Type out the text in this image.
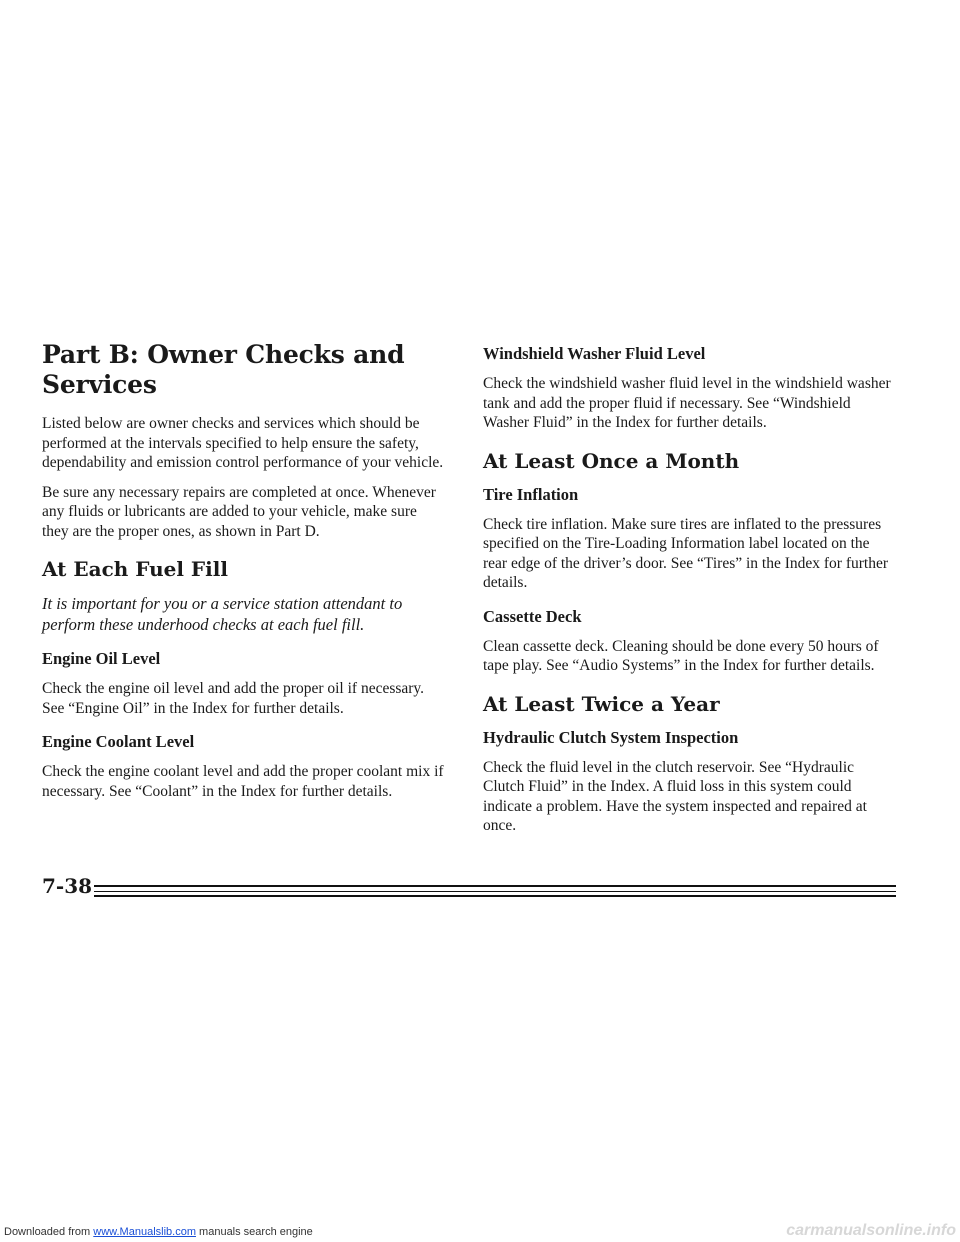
Part B: Owner Checks and Services

Listed below are owner checks and services which should be performed at the intervals specified to help ensure the safety, dependability and emission control performance of your vehicle.

Be sure any necessary repairs are completed at once. Whenever any fluids or lubricants are added to your vehicle, make sure they are the proper ones, as shown in Part D.

At Each Fuel Fill

It is important for you or a service station attendant to perform these underhood checks at each fuel fill.

Engine Oil Level

Check the engine oil level and add the proper oil if necessary. See “Engine Oil” in the Index for further details.

Engine Coolant Level

Check the engine coolant level and add the proper coolant mix if necessary. See “Coolant” in the Index for further details.

Windshield Washer Fluid Level

Check the windshield washer fluid level in the windshield washer tank and add the proper fluid if necessary. See “Windshield Washer Fluid” in the Index for further details.

At Least Once a Month
Tire Inflation

Check tire inflation. Make sure tires are inflated to the pressures specified on the Tire-Loading Information label located on the rear edge of the driver’s door. See “Tires” in the Index for further details.

Cassette Deck

Clean cassette deck. Cleaning should be done every 50 hours of tape play. See “Audio Systems” in the Index for further details.

At Least Twice a Year
Hydraulic Clutch System Inspection

Check the fluid level in the clutch reservoir. See “Hydraulic Clutch Fluid” in the Index. A fluid loss in this system could indicate a problem. Have the system inspected and repaired at once.

7-38
Downloaded from www.Manualslib.com manuals search engine	carmanualsonline.info
